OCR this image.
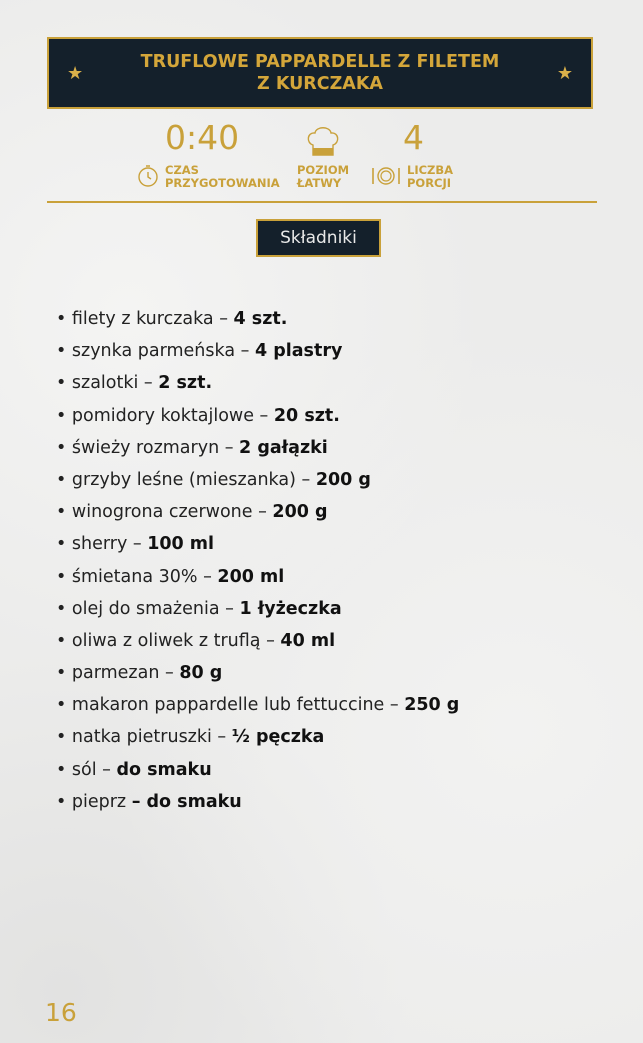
★
TRUFLOWE PAPPARDELLE Z FILETEM
Z KURCZAKA	★
0:40
CZAS
PRZYGOTOWANIA
POZIOM
ŁATWY
4
LICZBA
PORCJI
Składniki
• filety z kurczaka – 4 szt.
• szynka parmeńska – 4 plastry
• szalotki – 2 szt.
• pomidory koktajlowe – 20 szt.
• świeży rozmaryn – 2 gałązki
• grzyby leśne (mieszanka) – 200 g
• winogrona czerwone – 200 g
• sherry – 100 ml
• śmietana 30% – 200 ml
• olej do smażenia – 1 łyżeczka
• oliwa z oliwek z truflą – 40 ml
• parmezan – 80 g
• makaron pappardelle lub fettuccine – 250 g
• natka pietruszki – ½ pęczka
• sól – do smaku
• pieprz – do smaku
16
